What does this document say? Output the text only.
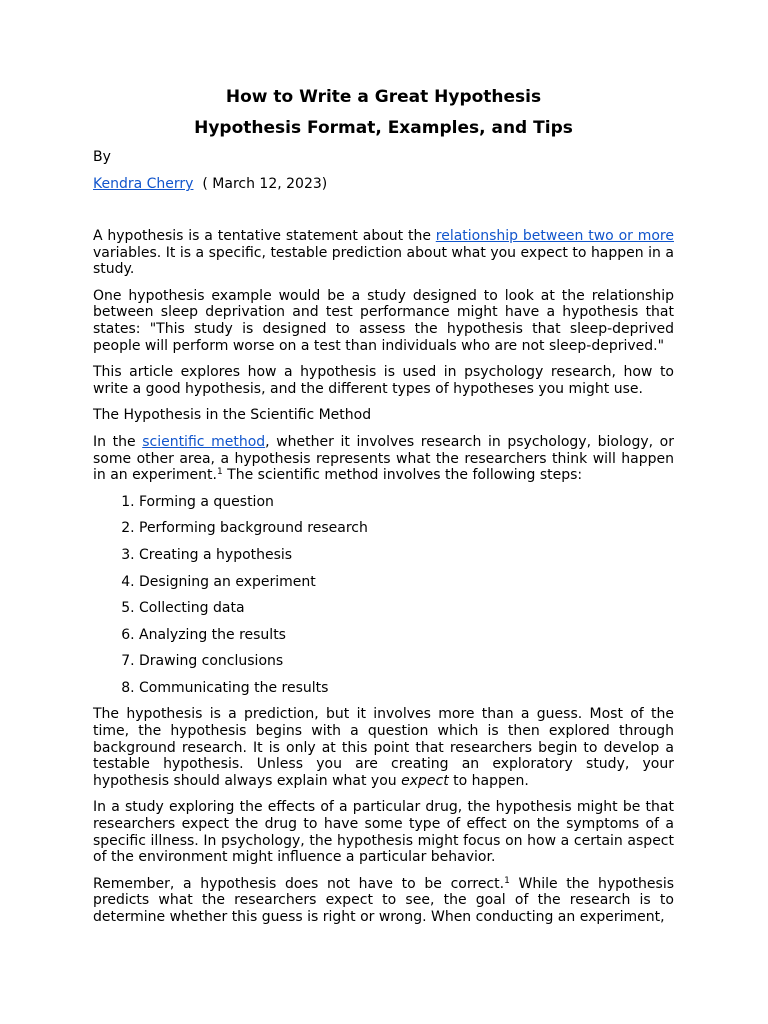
How to Write a Great Hypothesis
Hypothesis Format, Examples, and Tips

By

Kendra Cherry ( March 12, 2023)

A hypothesis is a tentative statement about the relationship between two or more variables. It is a specific, testable prediction about what you expect to happen in a study.

One hypothesis example would be a study designed to look at the relationship between sleep deprivation and test performance might have a hypothesis that states: "This study is designed to assess the hypothesis that sleep-deprived people will perform worse on a test than individuals who are not sleep-deprived."

This article explores how a hypothesis is used in psychology research, how to write a good hypothesis, and the different types of hypotheses you might use.

The Hypothesis in the Scientific Method

In the scientific method, whether it involves research in psychology, biology, or some other area, a hypothesis represents what the researchers think will happen in an experiment.$^1$ The scientific method involves the following steps:

1. Forming a question
2. Performing background research
3. Creating a hypothesis
4. Designing an experiment
5. Collecting data
6. Analyzing the results
7. Drawing conclusions
8. Communicating the results

The hypothesis is a prediction, but it involves more than a guess. Most of the time, the hypothesis begins with a question which is then explored through background research. It is only at this point that researchers begin to develop a testable hypothesis. Unless you are creating an exploratory study, your hypothesis should always explain what you expect to happen.

In a study exploring the effects of a particular drug, the hypothesis might be that researchers expect the drug to have some type of effect on the symptoms of a specific illness. In psychology, the hypothesis might focus on how a certain aspect of the environment might influence a particular behavior.

Remember, a hypothesis does not have to be correct.$^1$ While the hypothesis predicts what the researchers expect to see, the goal of the research is to determine whether this guess is right or wrong. When conducting an experiment,
